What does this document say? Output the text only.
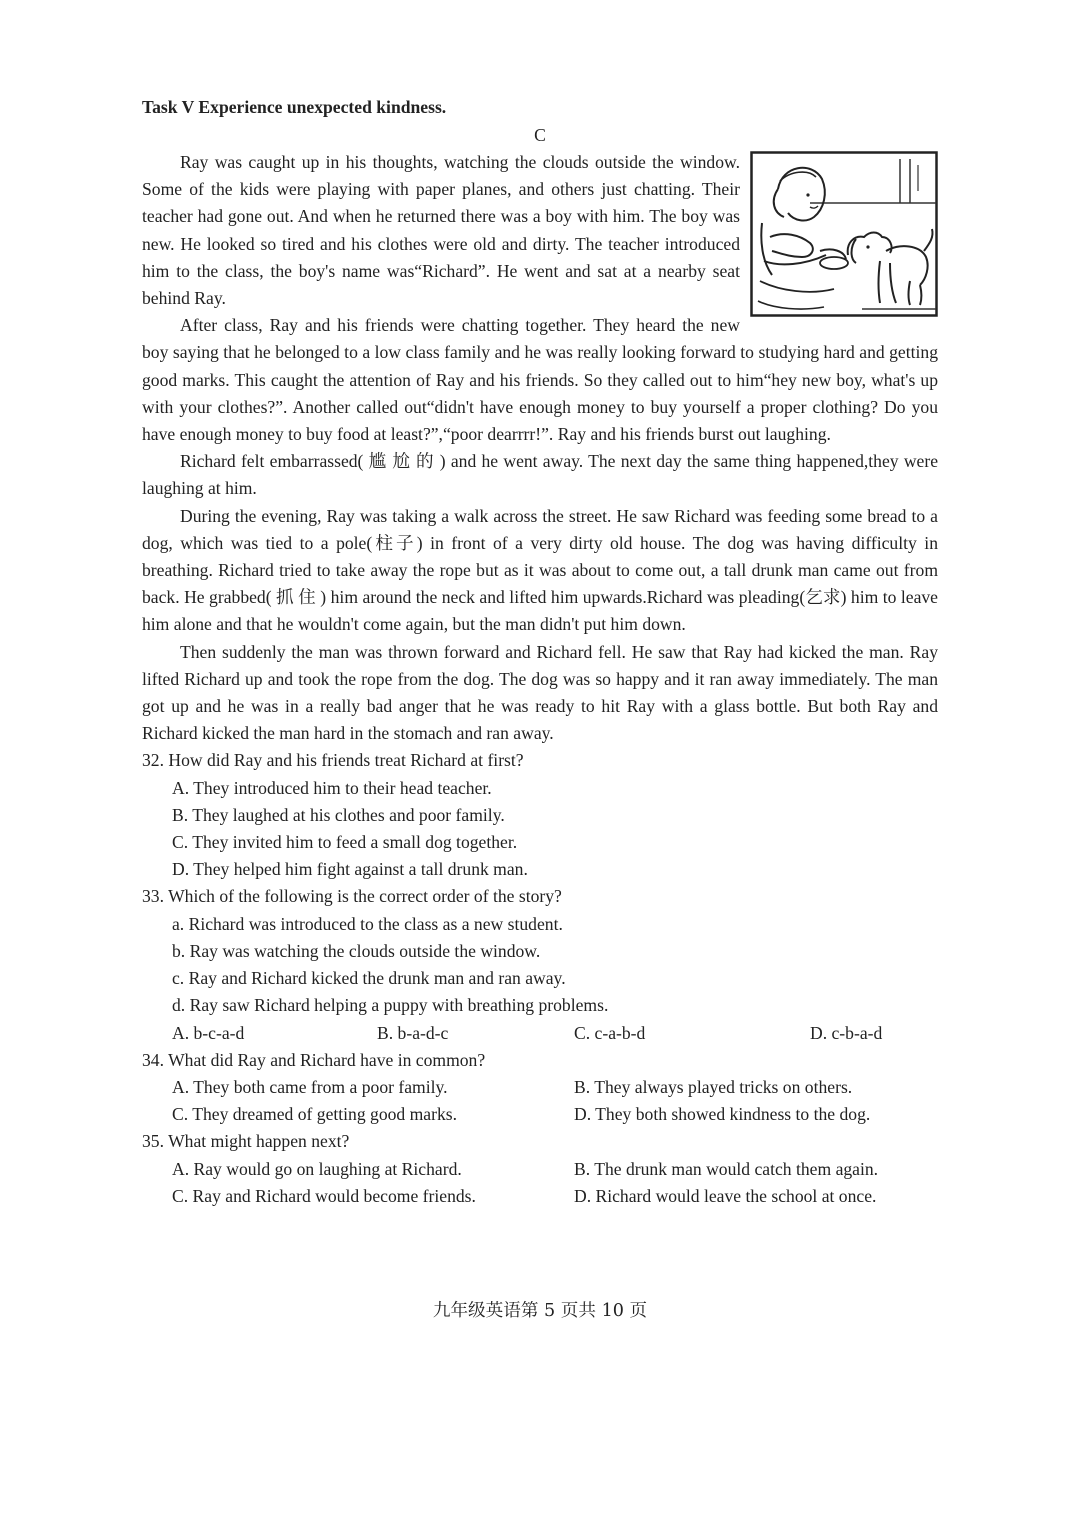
Task V Experience unexpected kindness.

C

Ray was caught up in his thoughts, watching the clouds outside the window. Some of the kids were playing with paper planes, and others just chatting. Their teacher had gone out. And when he returned there was a boy with him. The boy was new. He looked so tired and his clothes were old and dirty. The teacher introduced him to the class, the boy's name was“Richard”. He went and sat at a nearby seat behind Ray.

After class, Ray and his friends were chatting together. They heard the new boy saying that he belonged to a low class family and he was really looking forward to studying hard and getting good marks. This caught the attention of Ray and his friends. So they called out to him“hey new boy, what's up with your clothes?”. Another called out“didn't have enough money to buy yourself a proper clothing? Do you have enough money to buy food at least?”,“poor dearrrr!”. Ray and his friends burst out laughing.

Richard felt embarrassed( 尴 尬 的 ) and he went away. The next day the same thing happened,they were laughing at him.

During the evening, Ray was taking a walk across the street. He saw Richard was feeding some bread to a dog, which was tied to a pole(柱子) in front of a very dirty old house. The dog was having difficulty in breathing. Richard tried to take away the rope but as it was about to come out, a tall drunk man came out from back. He grabbed( 抓 住 ) him around the neck and lifted him upwards.Richard was pleading(乞求) him to leave him alone and that he wouldn't come again, but the man didn't put him down.

Then suddenly the man was thrown forward and Richard fell. He saw that Ray had kicked the man. Ray lifted Richard up and took the rope from the dog. The dog was so happy and it ran away immediately. The man got up and he was in a really bad anger that he was ready to hit Ray with a glass bottle. But both Ray and Richard kicked the man hard in the stomach and ran away.

32. How did Ray and his friends treat Richard at first?

A. They introduced him to their head teacher.

B. They laughed at his clothes and poor family.

C. They invited him to feed a small dog together.

D. They helped him fight against a tall drunk man.

33. Which of the following is the correct order of the story?

a. Richard was introduced to the class as a new student.

b. Ray was watching the clouds outside the window.

c. Ray and Richard kicked the drunk man and ran away.

d. Ray saw Richard helping a puppy with breathing problems.

A. b-c-a-d	B. b-a-d-c	C. c-a-b-d	D. c-b-a-d

34. What did Ray and Richard have in common?

A. They both came from a poor family.	B. They always played tricks on others.
C. They dreamed of getting good marks.	D. They both showed kindness to the dog.

35. What might happen next?

A. Ray would go on laughing at Richard.	B. The drunk man would catch them again.
C. Ray and Richard would become friends.	D. Richard would leave the school at once.
九年级英语第 5 页共 10 页
